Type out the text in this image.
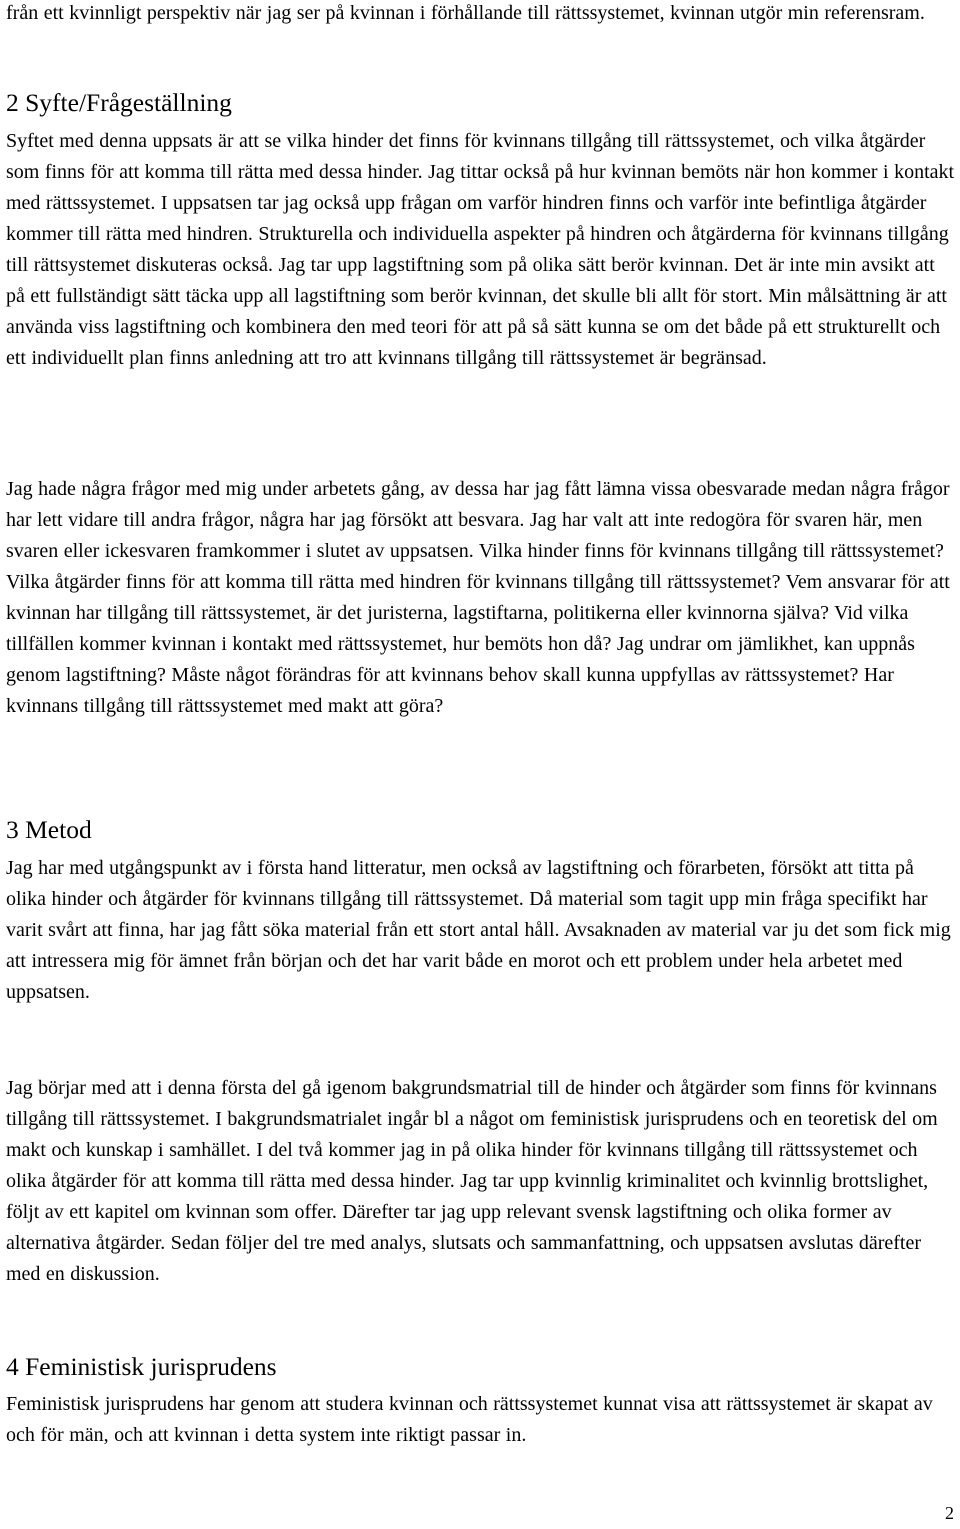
från ett kvinnligt perspektiv när jag ser på kvinnan i förhållande till rättssystemet, kvinnan utgör min referensram.

2 Syfte/Frågeställning

Syftet med denna uppsats är att se vilka hinder det finns för kvinnans tillgång till rättssystemet, och vilka åtgärder som finns för att komma till rätta med dessa hinder. Jag tittar också på hur kvinnan bemöts när hon kommer i kontakt med rättssystemet. I uppsatsen tar jag också upp frågan om varför hindren finns och varför inte befintliga åtgärder kommer till rätta med hindren. Strukturella och individuella aspekter på hindren och åtgärderna för kvinnans tillgång till rättsystemet diskuteras också. Jag tar upp lagstiftning som på olika sätt berör kvinnan. Det är inte min avsikt att på ett fullständigt sätt täcka upp all lagstiftning som berör kvinnan, det skulle bli allt för stort. Min målsättning är att använda viss lagstiftning och kombinera den med teori för att på så sätt kunna se om det både på ett strukturellt och ett individuellt plan finns anledning att tro att kvinnans tillgång till rättssystemet är begränsad.

Jag hade några frågor med mig under arbetets gång, av dessa har jag fått lämna vissa obesvarade medan några frågor har lett vidare till andra frågor, några har jag försökt att besvara. Jag har valt att inte redogöra för svaren här, men svaren eller ickesvaren framkommer i slutet av uppsatsen. Vilka hinder finns för kvinnans tillgång till rättssystemet? Vilka åtgärder finns för att komma till rätta med hindren för kvinnans tillgång till rättssystemet? Vem ansvarar för att kvinnan har tillgång till rättssystemet, är det juristerna, lagstiftarna, politikerna eller kvinnorna själva? Vid vilka tillfällen kommer kvinnan i kontakt med rättssystemet, hur bemöts hon då? Jag undrar om jämlikhet, kan uppnås genom lagstiftning? Måste något förändras för att kvinnans behov skall kunna uppfyllas av rättssystemet? Har kvinnans tillgång till rättssystemet med makt att göra?

3 Metod

Jag har med utgångspunkt av i första hand litteratur, men också av lagstiftning och förarbeten, försökt att titta på olika hinder och åtgärder för kvinnans tillgång till rättssystemet. Då material som tagit upp min fråga specifikt har varit svårt att finna, har jag fått söka material från ett stort antal håll. Avsaknaden av material var ju det som fick mig att intressera mig för ämnet från början och det har varit både en morot och ett problem under hela arbetet med uppsatsen.

Jag börjar med att i denna första del gå igenom bakgrundsmatrial till de hinder och åtgärder som finns för kvinnans tillgång till rättssystemet. I bakgrundsmatrialet ingår bl a något om feministisk jurisprudens och en teoretisk del om makt och kunskap i samhället. I del två kommer jag in på olika hinder för kvinnans tillgång till rättssystemet och olika åtgärder för att komma till rätta med dessa hinder. Jag tar upp kvinnlig kriminalitet och kvinnlig brottslighet, följt av ett kapitel om kvinnan som offer. Därefter tar jag upp relevant svensk lagstiftning och olika former av alternativa åtgärder. Sedan följer del tre med analys, slutsats och sammanfattning, och uppsatsen avslutas därefter med en diskussion.

4 Feministisk jurisprudens

Feministisk jurisprudens har genom att studera kvinnan och rättssystemet kunnat visa att rättssystemet är skapat av och för män, och att kvinnan i detta system inte riktigt passar in.

2
